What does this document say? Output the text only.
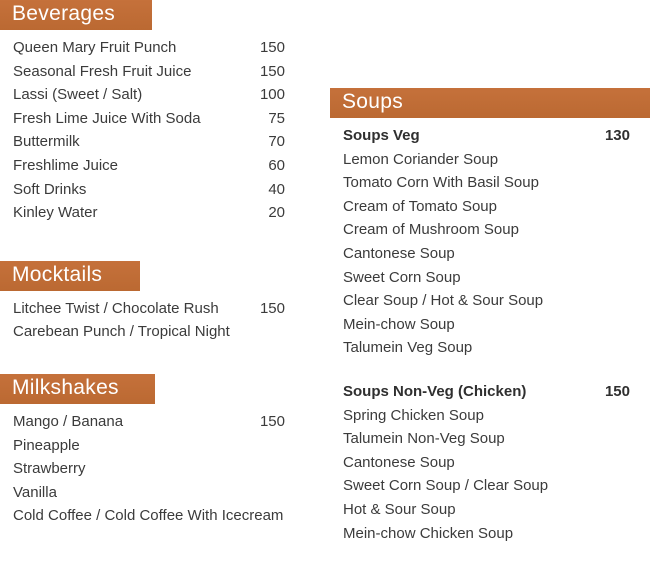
Beverages
Queen Mary Fruit Punch	150
Seasonal Fresh Fruit Juice	150
Lassi (Sweet / Salt)	100
Fresh Lime Juice With Soda	75
Buttermilk	70
Freshlime Juice	60
Soft Drinks	40
Kinley Water	20
Mocktails
Litchee Twist / Chocolate Rush	150
Carebean Punch / Tropical Night
Milkshakes
Mango / Banana	150
Pineapple
Strawberry
Vanilla
Cold Coffee / Cold Coffee With Icecream
Soups
Soups Veg	130
Lemon Coriander Soup
Tomato Corn With Basil Soup
Cream of Tomato Soup
Cream of Mushroom Soup
Cantonese Soup
Sweet Corn Soup
Clear Soup / Hot & Sour Soup
Mein-chow Soup
Talumein Veg Soup
Soups Non-Veg (Chicken)	150
Spring Chicken Soup
Talumein Non-Veg Soup
Cantonese Soup
Sweet Corn Soup / Clear Soup
Hot & Sour Soup
Mein-chow Chicken Soup
